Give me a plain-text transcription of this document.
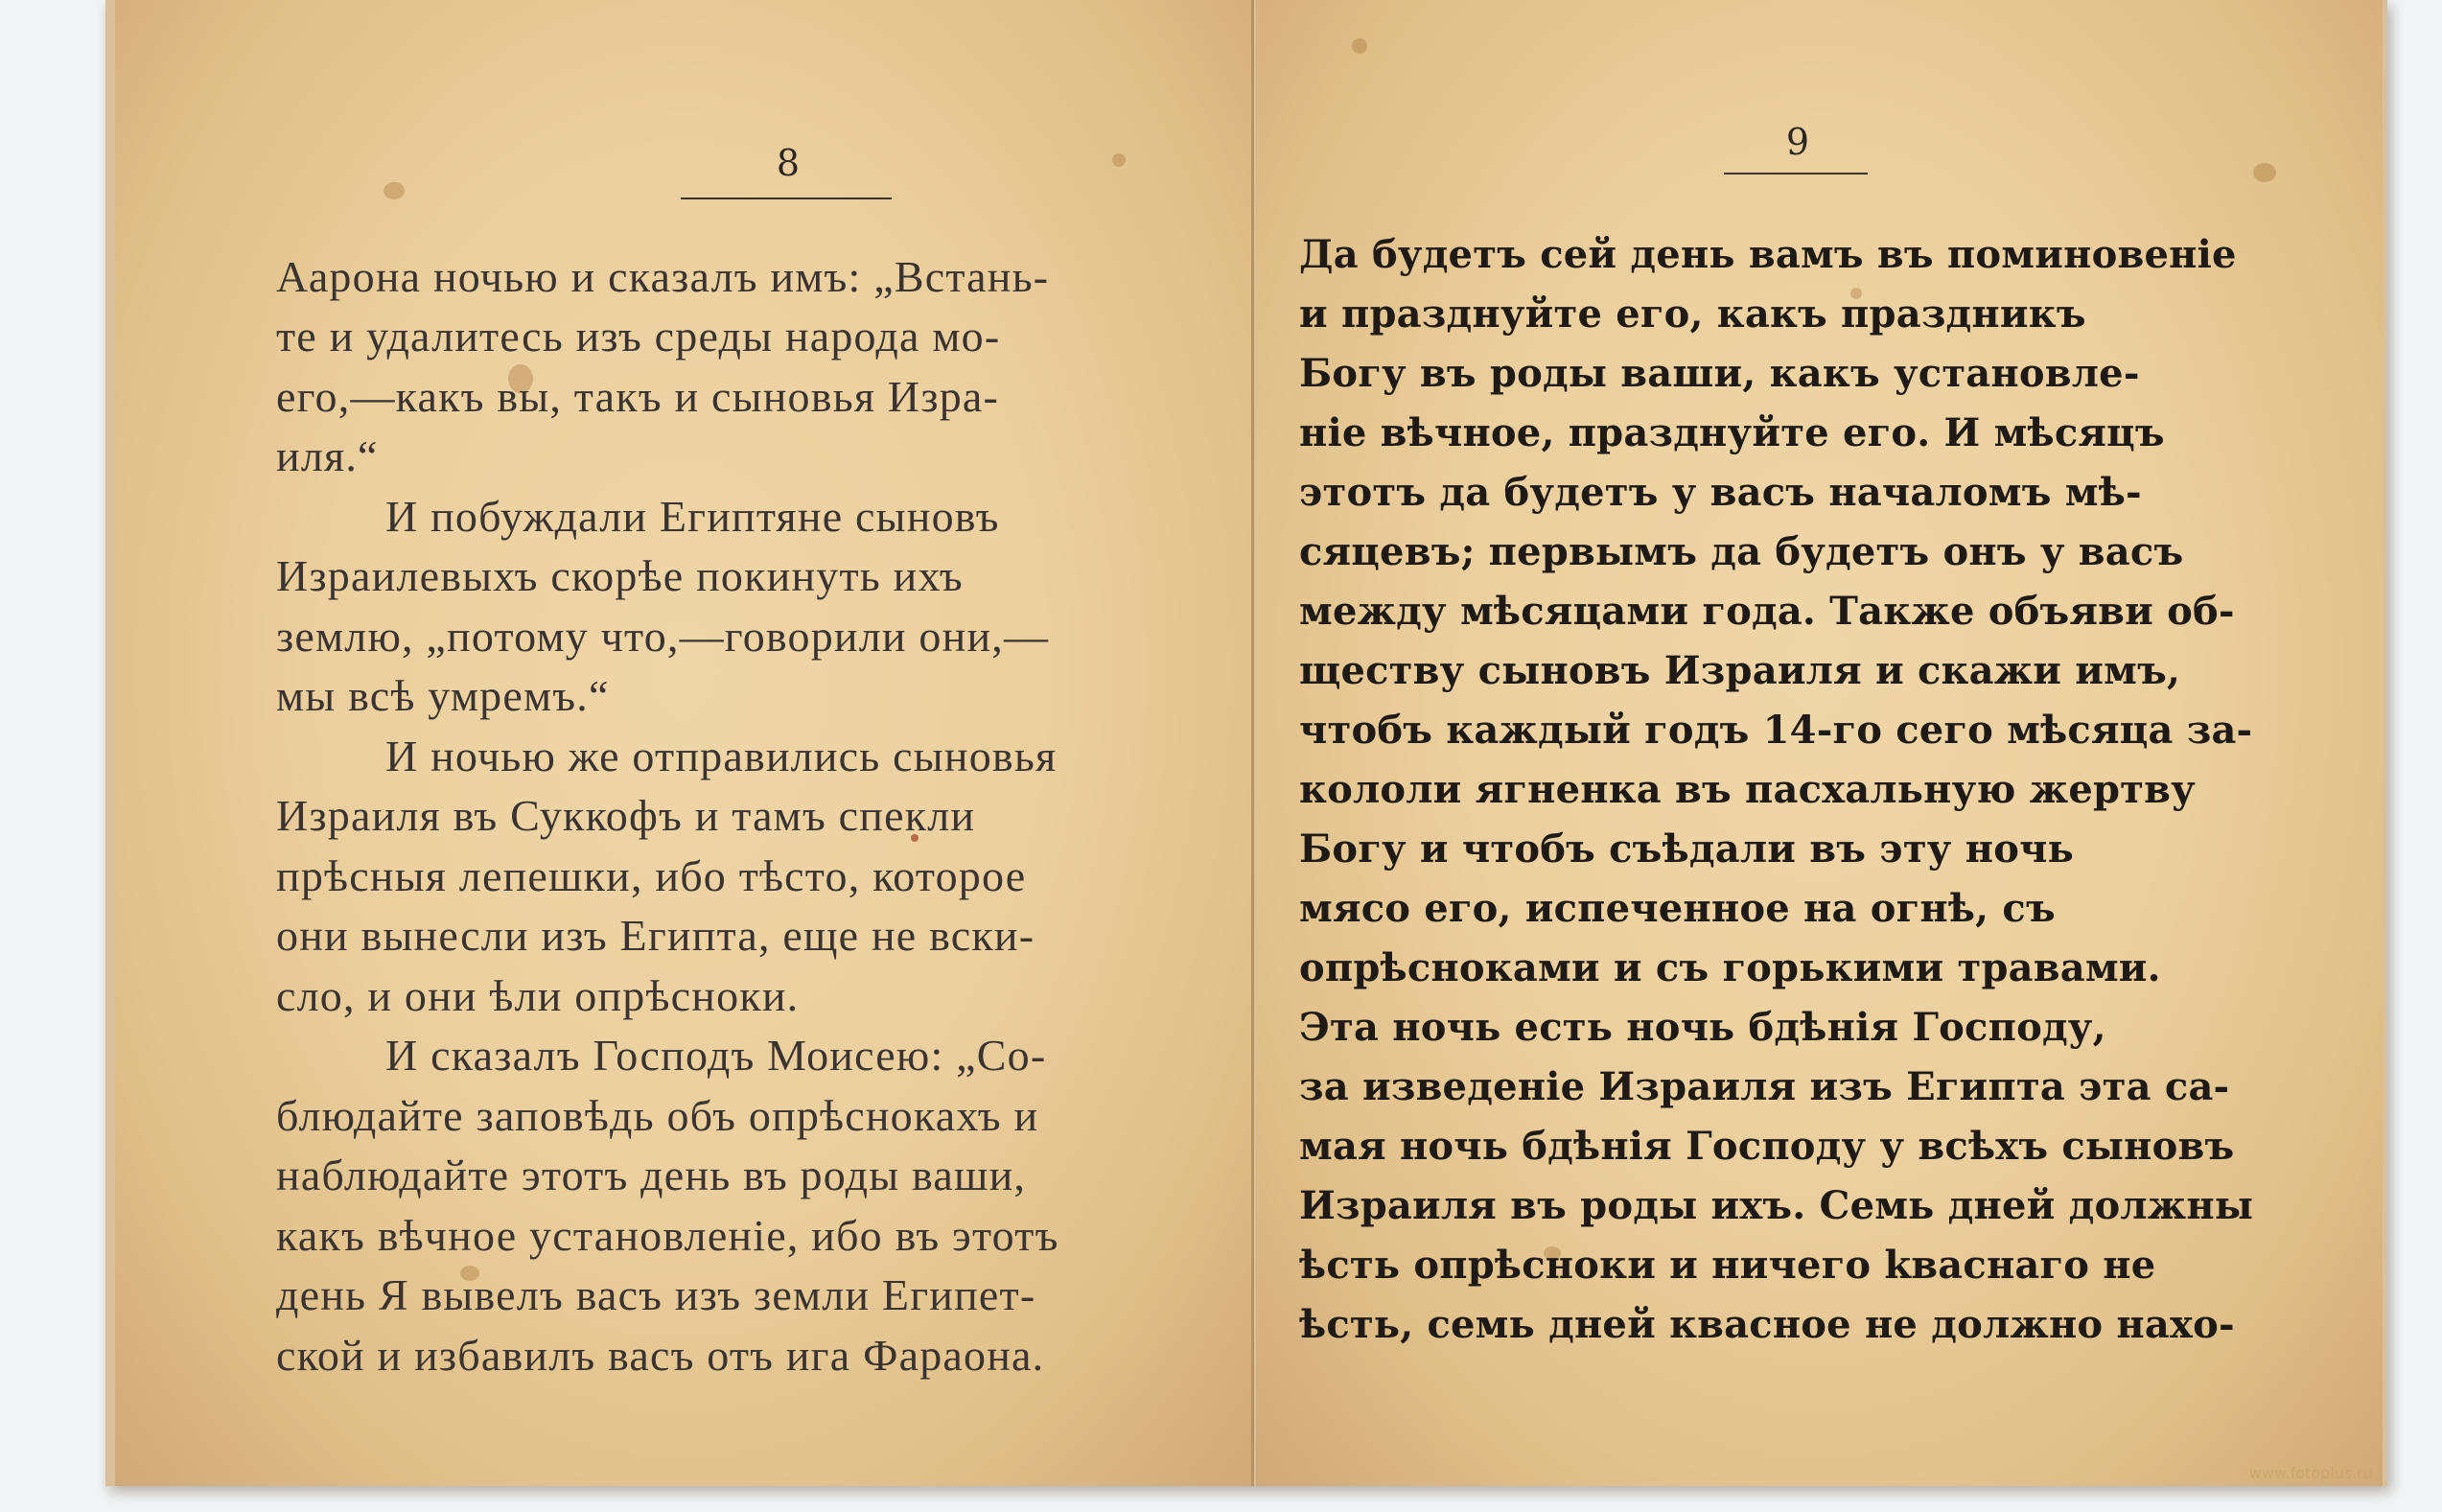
8
Аарона ночью и сказалъ имъ: „Встань-
те и удалитесь изъ среды народа мо-
его,—какъ вы, такъ и сыновья Изра-
иля.“
И побуждали Египтяне сыновъ
Израилевыхъ скорѣе покинуть ихъ
землю, „потому что,—говорили они,—
мы всѣ умремъ.“
И ночью же отправились сыновья
Израиля въ Суккофъ и тамъ спекли
прѣсныя лепешки, ибо тѣсто, которое
они вынесли изъ Египта, еще не вски-
сло, и они ѣли опрѣсноки.
И сказалъ Господъ Моисею: „Со-
блюдайте заповѣдь объ опрѣснокахъ и
наблюдайте этотъ день въ роды ваши,
какъ вѣчное установленіе, ибо въ этотъ
день Я вывелъ васъ изъ земли Египет-
ской и избавилъ васъ отъ ига Фараона.
9
Да будетъ сей день вамъ въ поминовеніе
и празднуйте его, какъ праздникъ
Богу въ роды ваши, какъ установле-
ніе вѣчное, празднуйте его. И мѣсяцъ
этотъ да будетъ у васъ началомъ мѣ-
сяцевъ; первымъ да будетъ онъ у васъ
между мѣсяцами года. Также объяви об-
ществу сыновъ Израиля и скажи имъ,
чтобъ каждый годъ 14-го сего мѣсяца за-
кололи ягненка въ пасхальную жертву
Богу и чтобъ съѣдали въ эту ночь
мясо его, испеченное на огнѣ, съ
опрѣсноками и съ горькими травами.
Эта ночь есть ночь бдѣнія Господу,
за изведеніе Израиля изъ Египта эта са-
мая ночь бдѣнія Господу у всѣхъ сыновъ
Израиля въ роды ихъ. Семь дней должны
ѣсть опрѣсноки и ничего kвacнaгo не
ѣсть, семь дней квасное не должно нахо-
www.fotoplus.ru
